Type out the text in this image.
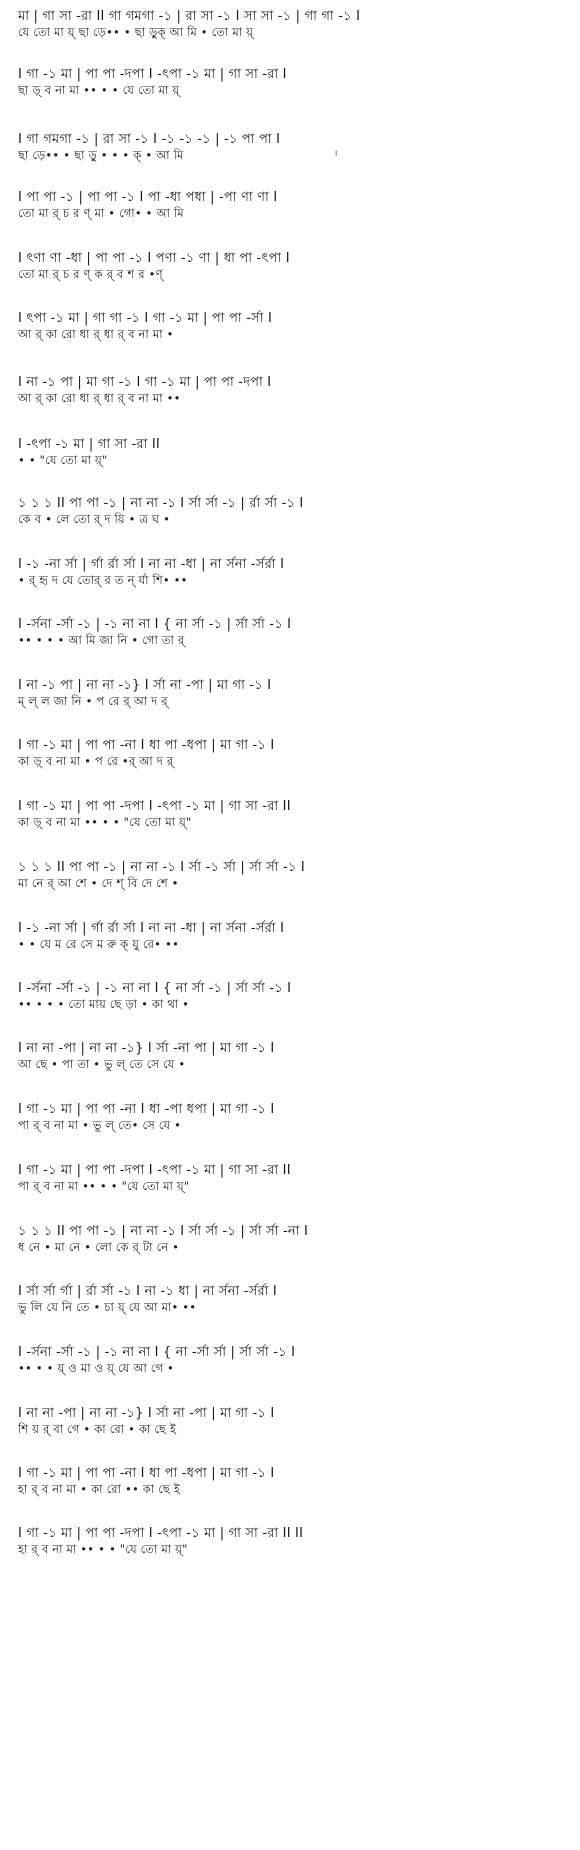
মা | গা সা -রা II গা গমগা -১ | রা সা -১ I সা সা -১ | গা গা -১ I
যে তো মা য়্ ছা ড়ে•• • ছা ড়ুক্ আ মি • তো মা য়্
I গা -১ মা | পা পা -দপা I -ৎপা -১ মা | গা সা -রা I
ছা ড়্ ব না মা •• • • যে তো মা য়্
I গা গমগা -১ | রা সা -১ I -১ -১ -১ | -১ পা পা I
ছা ড়ে•• • ছা ড়ু • • • ক্ • আ মি
I পা পা -১ | পা পা -১ I পা -ধা পধা | -পা ণা ণা I
তো মা র্ চ র ণ্ মা • গো• • আ মি
I ৎণা ণা -ধা | পা পা -১ I পণা -১ ণা | ধা পা -ৎপা I
তো মা র্ চ র ণ্ ক র্ ব শ র •ণ্
I ৎপা -১ মা | গা গা -১ I গা -১ মা | পা পা -র্সা I
আ র্ কা রো ধা র্ ধা র্ ব না মা •
I না -১ পা | মা গা -১ I গা -১ মা | পা পা -দপা I
আ র্ কা রো ধা র্ ধা র্ ব না মা ••
I -ৎপা -১ মা | গা সা -রা II
• • "যে তো মা য়্"
১ ১ ১ II পা পা -১ | না না -১ I র্সা র্সা -১ | র্রা র্সা -১ I
কে ব • লে তো র্ দ য়ি • ত্র ঘ •
I -১ -না র্সা | র্গা র্রা র্সা I না না -ধা | না র্সনা -র্সর্রা I
• র্ হৃ দ যে তোর্ র ত ন্ র্যা শি• ••
I -র্সনা -র্সা -১ | -১ না না I { না র্সা -১ | র্সা র্সা -১ I
•• • • • আ মি জা নি • গো তা র্
I না -১ পা | না না -১} I র্সা না -পা | মা গা -১ I
ম্ ল্ ল জা নি • প রে র্ আ দ র্
I গা -১ মা | পা পা -না I ধা পা -ধপা | মা গা -১ I
কা ড়্ ব না মা • প রে •র্ আ দ র্
I গা -১ মা | পা পা -দপা I -ৎপা -১ মা | গা সা -রা II
কা ড়্ ব না মা •• • • "যে তো মা য়্"
১ ১ ১ II পা পা -১ | না না -১ I র্সা -১ র্সা | র্সা র্সা -১ I
মা নে র্ আ শে • দে শ্ বি দে শে •
I -১ -না র্সা | র্গা র্রা র্সা I না না -ধা | না র্সনা -র্সর্রা I
• • যে ম রে সে ম রু ক্ যু রে• ••
I -র্সনা -র্সা -১ | -১ না না I { না র্সা -১ | র্সা র্সা -১ I
•• • • • তো মায় ছে ড়া • কা থা •
I না না -পা | না না -১} I র্সা -না পা | মা গা -১ I
আ ছে • পা তা • ভু ল্ তে সে যে •
I গা -১ মা | পা পা -না I ধা -পা ধপা | মা গা -১ I
পা র্ ব না মা • ভু ল্ তে• সে যে •
I গা -১ মা | পা পা -দপা I -ৎপা -১ মা | গা সা -রা II
পা র্ ব না মা •• • • "যে তো মা য়্"
১ ১ ১ II পা পা -১ | না না -১ I র্সা র্সা -১ | র্সা র্সা -না I
ধ নে • মা নে • লো কে র্ টা নে •
I র্সা র্সা র্গা | র্রা র্সা -১ I না -১ ধা | না র্সনা -র্সর্রা I
ভু লি যে নি তে • চা য়্ যে আ মা• ••
I -র্সনা -র্সা -১ | -১ না না I { না -র্সা র্সা | র্সা র্সা -১ I
•• • • য়্ ও মা ও য়্ যে আ গে •
I না না -পা | না না -১} I র্সা না -পা | মা গা -১ I
শি য় র্ বা গে • কা রো • কা ছে ই
I গা -১ মা | পা পা -না I ধা পা -ধপা | মা গা -১ I
হা র্ ব না মা • কা রো •• কা ছে ই
I গা -১ মা | পা পা -দপা I -ৎপা -১ মা | গা সা -রা II II
হা র্ ব না মা •• • • "যে তো মা য়্"
।
